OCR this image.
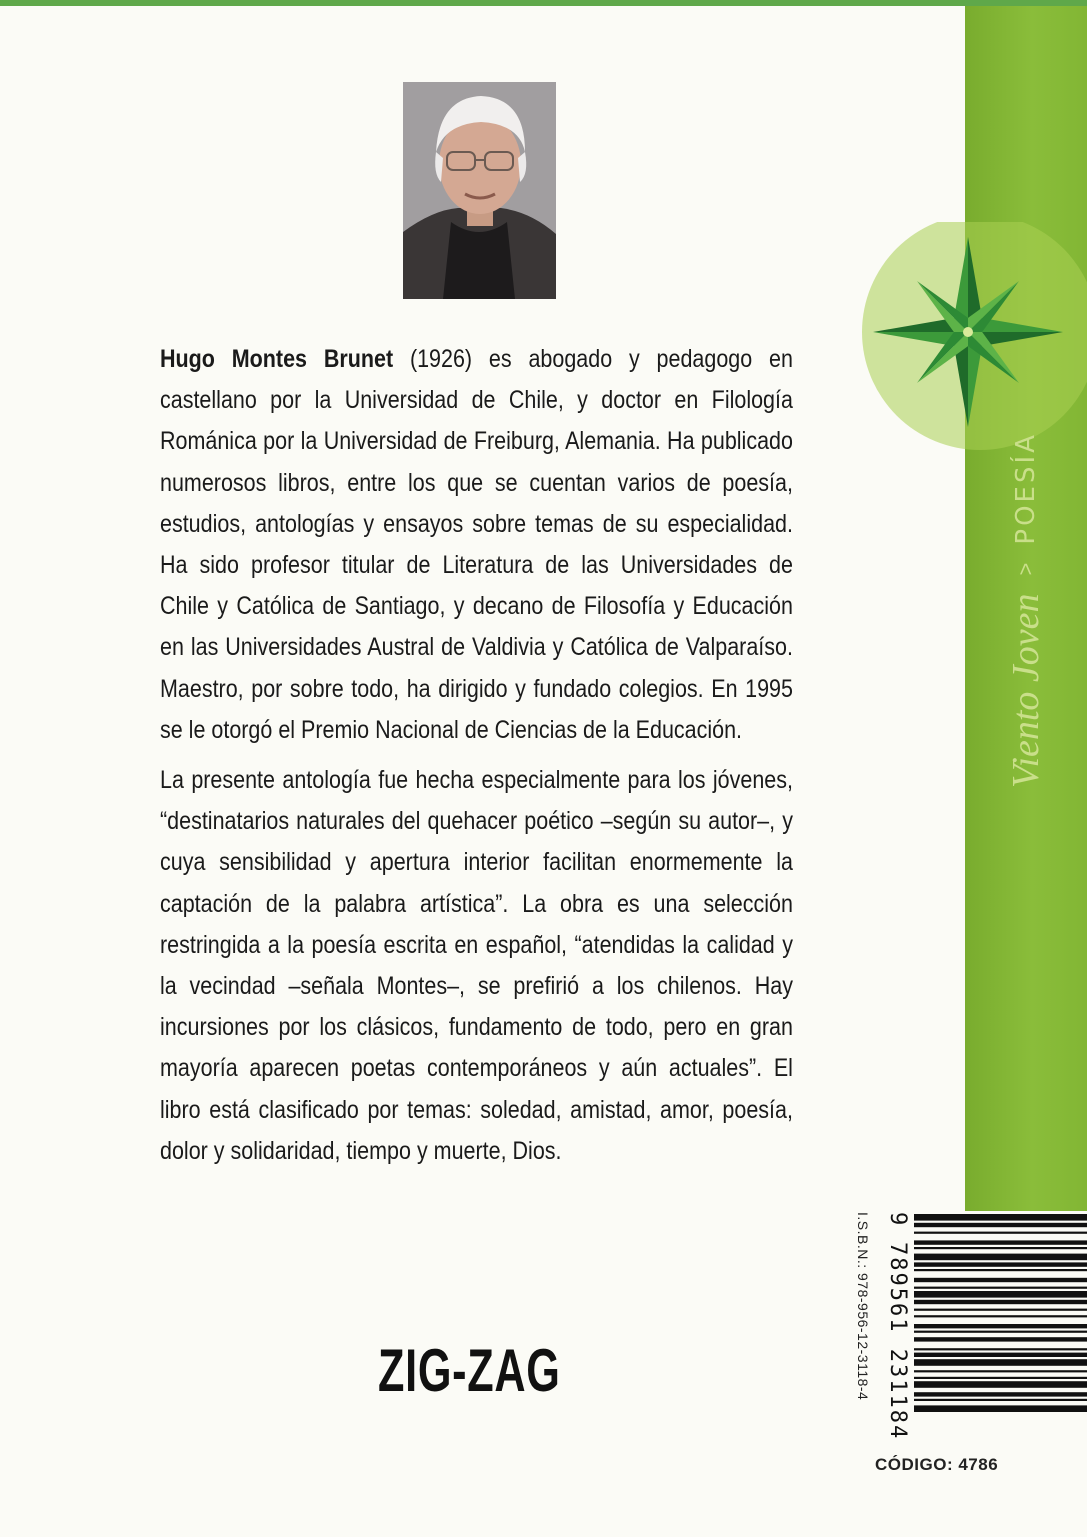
Viento Joven
>
POESÍA

Hugo Montes Brunet (1926) es abogado y pedagogo en castellano por la Universidad de Chile, y doctor en Filología Románica por la Universidad de Freiburg, Alemania. Ha publicado numerosos libros, entre los que se cuentan varios de poesía, estudios, antologías y ensayos sobre temas de su especialidad. Ha sido profesor titular de Literatura de las Universidades de Chile y Católica de Santiago, y decano de Filosofía y Educación en las Universidades Austral de Valdivia y Católica de Valparaíso. Maestro, por sobre todo, ha dirigido y fundado colegios. En 1995 se le otorgó el Premio Nacional de Ciencias de la Educación.

La presente antología fue hecha especialmente para los jóvenes, “destinatarios naturales del quehacer poético –según su autor–, y cuya sensibilidad y apertura interior facilitan enormemente la captación de la palabra artística”. La obra es una selección restringida a la poesía escrita en español, “atendidas la calidad y la vecindad –señala Montes–, se prefirió a los chilenos. Hay incursiones por los clásicos, fundamento de todo, pero en gran mayoría aparecen poetas contemporáneos y aún actuales”. El libro está clasificado por temas: soledad, amistad, amor, poesía, dolor y solidaridad, tiempo y muerte, Dios.

ZIG-ZAG	I.S.B.N.: 978-956-12-3118-4 9
789561 231184
CÓDIGO: 4786
